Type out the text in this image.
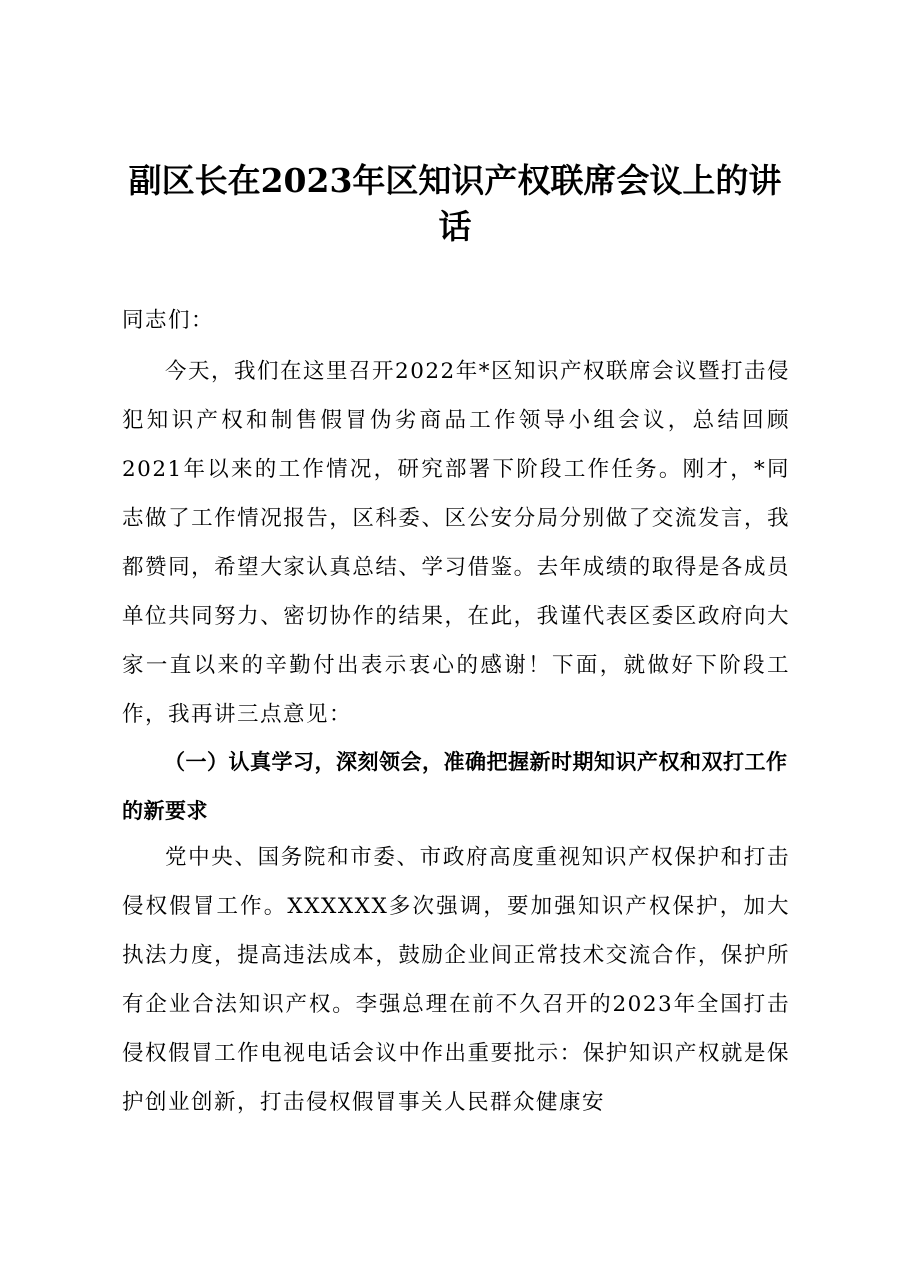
副区长在2023年区知识产权联席会议上的讲话

同志们：

今天，我们在这里召开2022年*区知识产权联席会议暨打击侵犯知识产权和制售假冒伪劣商品工作领导小组会议，总结回顾2021年以来的工作情况，研究部署下阶段工作任务。刚才，*同志做了工作情况报告，区科委、区公安分局分别做了交流发言，我都赞同，希望大家认真总结、学习借鉴。去年成绩的取得是各成员单位共同努力、密切协作的结果，在此，我谨代表区委区政府向大家一直以来的辛勤付出表示衷心的感谢！下面，就做好下阶段工作，我再讲三点意见：

（一）认真学习，深刻领会，准确把握新时期知识产权和双打工作的新要求

党中央、国务院和市委、市政府高度重视知识产权保护和打击侵权假冒工作。XXXXXX多次强调，要加强知识产权保护，加大执法力度，提高违法成本，鼓励企业间正常技术交流合作，保护所有企业合法知识产权。李强总理在前不久召开的2023年全国打击侵权假冒工作电视电话会议中作出重要批示：保护知识产权就是保护创业创新，打击侵权假冒事关人民群众健康安
